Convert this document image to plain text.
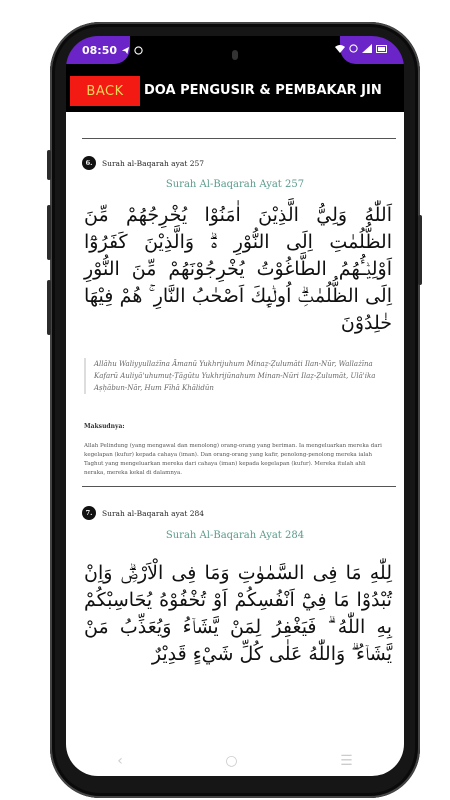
08:50
BACK	DOA PENGUSIR & PEMBAKAR JIN
6.	Surah al-Baqarah ayat 257
Surah Al-Baqarah Ayat 257
اَللّٰهُ وَلِيُّ الَّذِيْنَ اٰمَنُوْا يُخْرِجُهُمْ مِّنَ الظُّلُمٰتِ اِلَى النُّوْرِ ەۗ وَالَّذِيْنَ كَفَرُوْٓا اَوْلِيٰۤـُٔهُمُ الطَّاغُوْتُ يُخْرِجُوْنَهُمْ مِّنَ النُّوْرِ اِلَى الظُّلُمٰتِۗ اُولٰۤىِٕكَ اَصْحٰبُ النَّارِ ۚ هُمْ فِيْهَا خٰلِدُوْنَ
Allāhu Waliyyullażīna Āmanū Yukhrijuhum Minaẓ-Ẓulumāti Ilan-Nūr, Wallażīna Kafarū Auliyā'uhumuṭ-Ṭāgūtu Yukhrijūnahum Minan-Nūri Ilaẓ-Ẓulumāt, Ulā'ika Aṣḥābun-Nār, Hum Fīhā Khālidūn
Maksudnya:
Allah Pelindung (yang mengawal dan menolong) orang-orang yang beriman. Ia mengeluarkan mereka dari kegelapan (kufur) kepada cahaya (iman). Dan orang-orang yang kafir, penolong-penolong mereka ialah Taghut yang mengeluarkan mereka dari cahaya (iman) kepada kegelapan (kufur). Mereka itulah ahli neraka, mereka kekal di dalamnya.
7.	Surah al-Baqarah ayat 284
Surah Al-Baqarah Ayat 284
لِلّٰهِ مَا فِى السَّمٰوٰتِ وَمَا فِى الْاَرْضِۗ وَاِنْ تُبْدُوْا مَا فِيْٓ اَنْفُسِكُمْ اَوْ تُخْفُوْهُ يُحَاسِبْكُمْ بِهِ اللّٰهُ ۗ فَيَغْفِرُ لِمَنْ يَّشَاۤءُ وَيُعَذِّبُ مَنْ يَّشَاۤءُ ۗ وَاللّٰهُ عَلٰى كُلِّ شَيْءٍ قَدِيْرٌ
‹	○	☰
